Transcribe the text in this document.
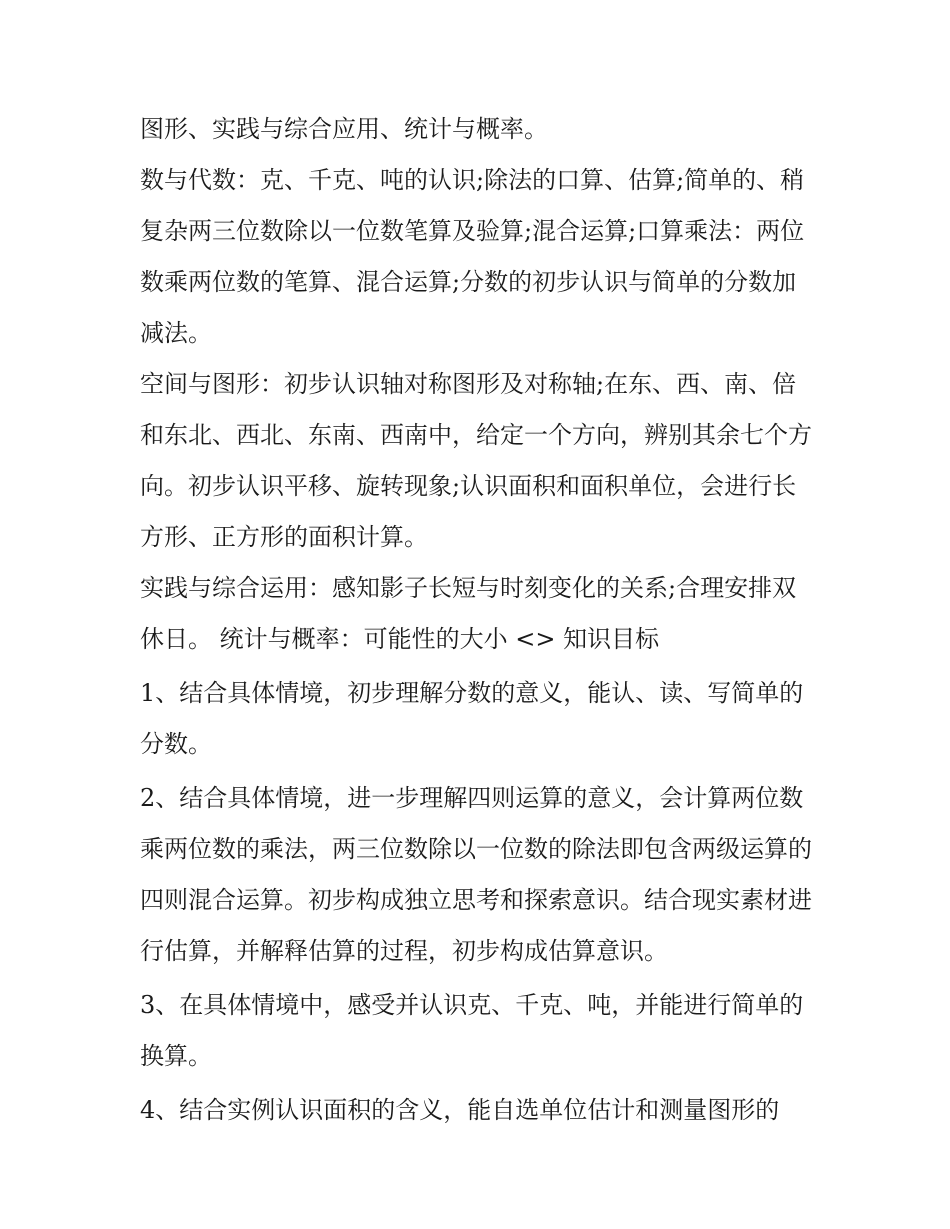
图形、实践与综合应用、统计与概率。

数与代数：克、千克、吨的认识;除法的口算、估算;简单的、稍复杂两三位数除以一位数笔算及验算;混合运算;口算乘法：两位数乘两位数的笔算、混合运算;分数的初步认识与简单的分数加减法。

空间与图形：初步认识轴对称图形及对称轴;在东、西、南、倍和东北、西北、东南、西南中，给定一个方向，辨别其余七个方向。初步认识平移、旋转现象;认识面积和面积单位，会进行长方形、正方形的面积计算。

实践与综合运用：感知影子长短与时刻变化的关系;合理安排双休日。 统计与概率：可能性的大小 <> 知识目标

1、结合具体情境，初步理解分数的意义，能认、读、写简单的分数。

2、结合具体情境，进一步理解四则运算的意义，会计算两位数乘两位数的乘法，两三位数除以一位数的除法即包含两级运算的四则混合运算。初步构成独立思考和探索意识。结合现实素材进行估算，并解释估算的过程，初步构成估算意识。

3、在具体情境中，感受并认识克、千克、吨，并能进行简单的换算。

4、结合实例认识面积的含义，能自选单位估计和测量图形的
